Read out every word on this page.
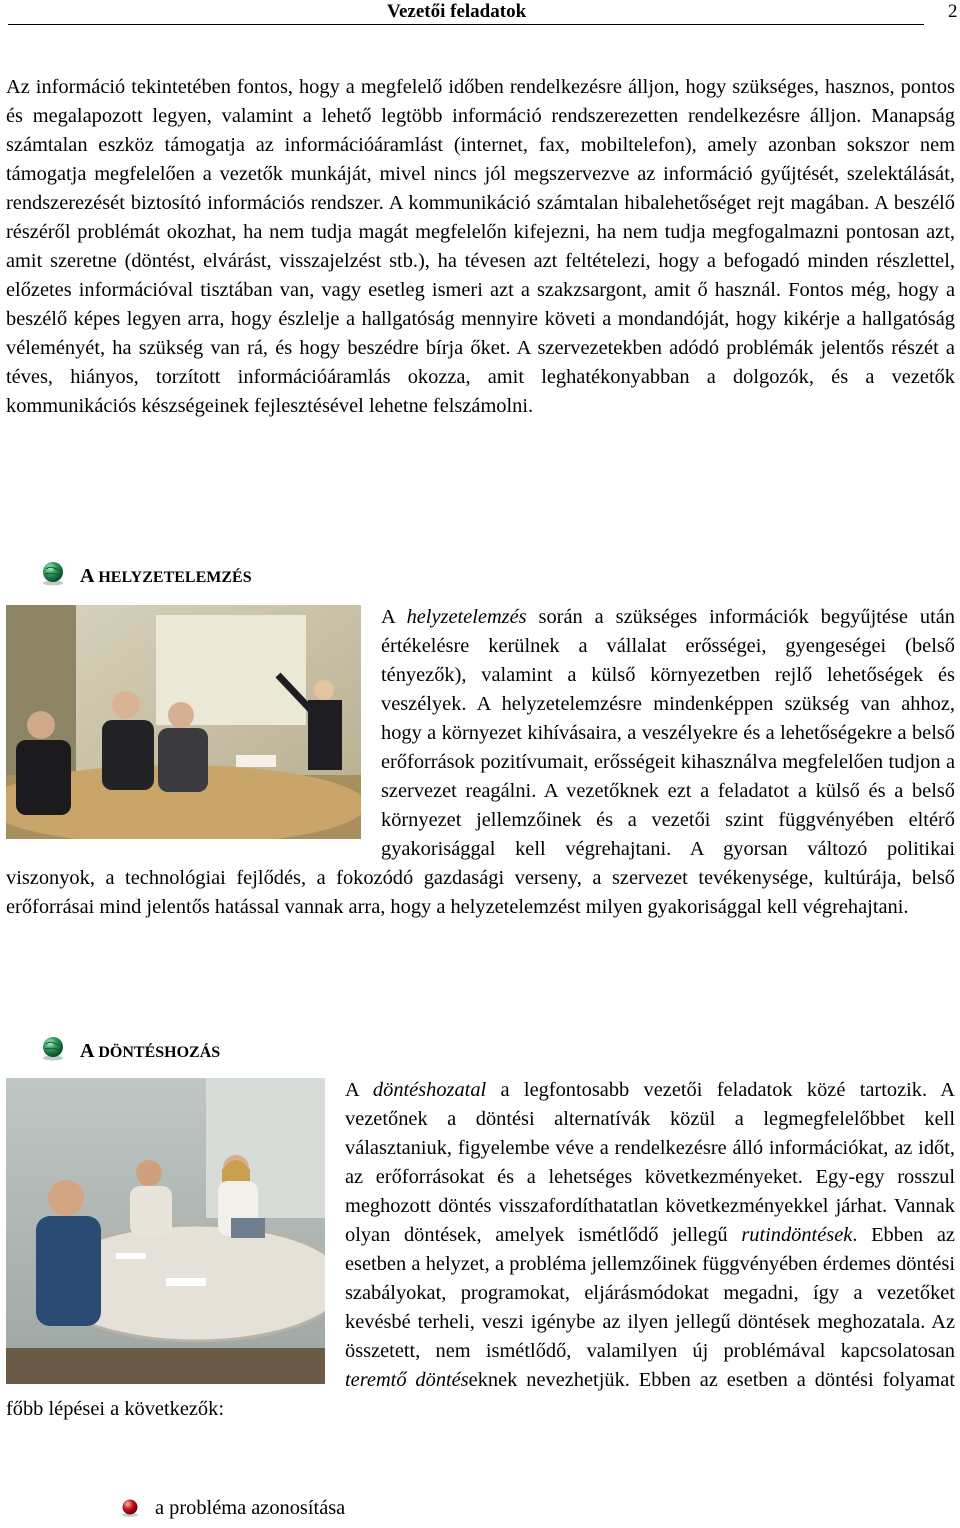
Vezetői feladatok	2

Az információ tekintetében fontos, hogy a megfelelő időben rendelkezésre álljon, hogy szükséges, hasznos, pontos és megalapozott legyen, valamint a lehető legtöbb információ rendszerezetten rendelkezésre álljon. Manapság számtalan eszköz támogatja az információáramlást (internet, fax, mobiltelefon), amely azonban sokszor nem támogatja megfelelően a vezetők munkáját, mivel nincs jól megszervezve az információ gyűjtését, szelektálását, rendszerezését biztosító információs rendszer. A kommunikáció számtalan hibalehetőséget rejt magában. A beszélő részéről problémát okozhat, ha nem tudja magát megfelelőn kifejezni, ha nem tudja megfogalmazni pontosan azt, amit szeretne (döntést, elvárást, visszajelzést stb.), ha tévesen azt feltételezi, hogy a befogadó minden részlettel, előzetes információval tisztában van, vagy esetleg ismeri azt a szakzsargont, amit ő használ. Fontos még, hogy a beszélő képes legyen arra, hogy észlelje a hallgatóság mennyire követi a mondandóját, hogy kikérje a hallgatóság véleményét, ha szükség van rá, és hogy beszédre bírja őket. A szervezetekben adódó problémák jelentős részét a téves, hiányos, torzított információáramlás okozza, amit leghatékonyabban a dolgozók, és a vezetők kommunikációs készségeinek fejlesztésével lehetne felszámolni.

A HELYZETELEMZÉS

A helyzetelemzés során a szükséges információk begyűjtése után értékelésre kerülnek a vállalat erősségei, gyengeségei (belső tényezők), valamint a külső környezetben rejlő lehetőségek és veszélyek. A helyzetelemzésre mindenképpen szükség van ahhoz, hogy a környezet kihívásaira, a veszélyekre és a lehetőségekre a belső erőforrások pozitívumait, erősségeit kihasználva megfelelően tudjon a szervezet reagálni. A vezetőknek ezt a feladatot a külső és a belső környezet jellemzőinek és a vezetői szint függvényében eltérő gyakorisággal kell végrehajtani. A gyorsan változó politikai viszonyok, a technológiai fejlődés, a fokozódó gazdasági verseny, a szervezet tevékenysége, kultúrája, belső erőforrásai mind jelentős hatással vannak arra, hogy a helyzetelemzést milyen gyakorisággal kell végrehajtani.

A DÖNTÉSHOZÁS

A döntéshozatal a legfontosabb vezetői feladatok közé tartozik. A vezetőnek a döntési alternatívák közül a legmegfelelőbbet kell választaniuk, figyelembe véve a rendelkezésre álló információkat, az időt, az erőforrásokat és a lehetséges következményeket. Egy-egy rosszul meghozott döntés visszafordíthatatlan következményekkel járhat. Vannak olyan döntések, amelyek ismétlődő jellegű rutindöntések. Ebben az esetben a helyzet, a probléma jellemzőinek függvényében érdemes döntési szabályokat, programokat, eljárásmódokat megadni, így a vezetőket kevésbé terheli, veszi igénybe az ilyen jellegű döntések meghozatala. Az összetett, nem ismétlődő, valamilyen új problémával kapcsolatosan teremtő döntéseknek nevezhetjük. Ebben az esetben a döntési folyamat főbb lépései a következők:

a probléma azonosítása
